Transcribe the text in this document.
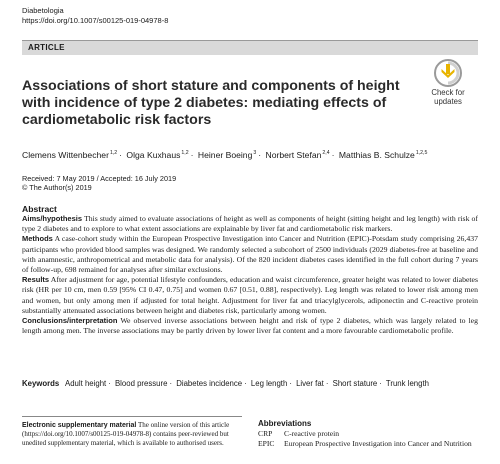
Diabetologia
https://doi.org/10.1007/s00125-019-04978-8
ARTICLE
Check for
updates
Associations of short stature and components of height with incidence of type 2 diabetes: mediating effects of cardiometabolic risk factors
Clemens Wittenbecher$^{1,2}$ · Olga Kuxhaus$^{1,2}$ · Heiner Boeing$^3$ · Norbert Stefan$^{2,4}$ · Matthias B. Schulze$^{1,2,5}$
Received: 7 May 2019 / Accepted: 16 July 2019
© The Author(s) 2019
Abstract

Aims/hypothesis This study aimed to evaluate associations of height as well as components of height (sitting height and leg length) with risk of type 2 diabetes and to explore to what extent associations are explainable by liver fat and cardiometabolic risk markers.

Methods A case-cohort study within the European Prospective Investigation into Cancer and Nutrition (EPIC)-Potsdam study comprising 26,437 participants who provided blood samples was designed. We randomly selected a subcohort of 2500 individuals (2029 diabetes-free at baseline and with anamnestic, anthropometrical and metabolic data for analysis). Of the 820 incident diabetes cases identified in the full cohort during 7 years of follow-up, 698 remained for analyses after similar exclusions.

Results After adjustment for age, potential lifestyle confounders, education and waist circumference, greater height was related to lower diabetes risk (HR per 10 cm, men 0.59 [95% CI 0.47, 0.75] and women 0.67 [0.51, 0.88], respectively). Leg length was related to lower risk among men and women, but only among men if adjusted for total height. Adjustment for liver fat and triacylglycerols, adiponectin and C-reactive protein substantially attenuated associations between height and diabetes risk, particularly among women.

Conclusions/interpretation We observed inverse associations between height and risk of type 2 diabetes, which was largely related to leg length among men. The inverse associations may be partly driven by lower liver fat content and a more favourable cardiometabolic profile.

Keywords Adult height · Blood pressure · Diabetes incidence · Leg length · Liver fat · Short stature · Trunk length
Electronic supplementary material The online version of this article (https://doi.org/10.1007/s00125-019-04978-8) contains peer-reviewed but unedited supplementary material, which is available to authorised users.
Abbreviations
CRP	C-reactive protein
EPIC	European Prospective Investigation into Cancer and Nutrition
